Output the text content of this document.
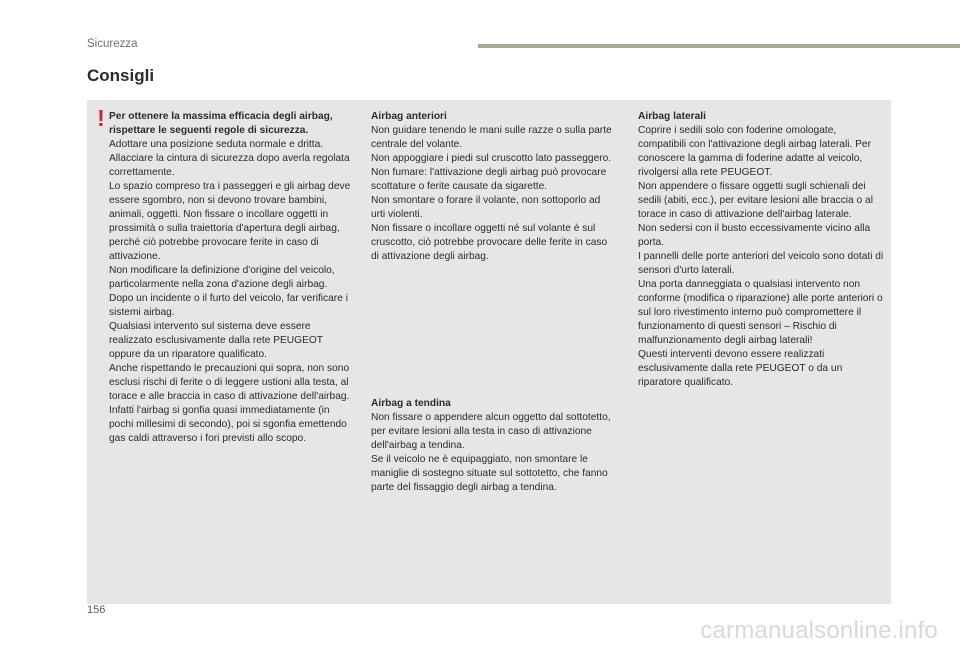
Sicurezza
Consigli
! Per ottenere la massima efficacia degli airbag, rispettare le seguenti regole di sicurezza.

Adottare una posizione seduta normale e dritta.
Allacciare la cintura di sicurezza dopo averla regolata correttamente.
Lo spazio compreso tra i passeggeri e gli airbag deve essere sgombro, non si devono trovare bambini, animali, oggetti. Non fissare o incollare oggetti in prossimità o sulla traiettoria d'apertura degli airbag, perché ciò potrebbe provocare ferite in caso di attivazione.
Non modificare la definizione d'origine del veicolo, particolarmente nella zona d'azione degli airbag.
Dopo un incidente o il furto del veicolo, far verificare i sistemi airbag.
Qualsiasi intervento sul sistema deve essere realizzato esclusivamente dalla rete PEUGEOT oppure da un riparatore qualificato.
Anche rispettando le precauzioni qui sopra, non sono esclusi rischi di ferite o di leggere ustioni alla testa, al torace e alle braccia in caso di attivazione dell'airbag. Infatti l'airbag si gonfia quasi immediatamente (in pochi millesimi di secondo), poi si sgonfia emettendo gas caldi attraverso i fori previsti allo scopo.

Airbag anteriori

Non guidare tenendo le mani sulle razze o sulla parte centrale del volante.
Non appoggiare i piedi sul cruscotto lato passeggero.
Non fumare: l'attivazione degli airbag può provocare scottature o ferite causate da sigarette.
Non smontare o forare il volante, non sottoporlo ad urti violenti.
Non fissare o incollare oggetti né sul volante è sul cruscotto, ciò potrebbe provocare delle ferite in caso di attivazione degli airbag.

Airbag a tendina

Non fissare o appendere alcun oggetto dal sottotetto, per evitare lesioni alla testa in caso di attivazione dell'airbag a tendina.
Se il veicolo ne è equipaggiato, non smontare le maniglie di sostegno situate sul sottotetto, che fanno parte del fissaggio degli airbag a tendina.

Airbag laterali

Coprire i sedili solo con foderine omologate, compatibili con l'attivazione degli airbag laterali. Per conoscere la gamma di foderine adatte al veicolo, rivolgersi alla rete PEUGEOT.
Non appendere o fissare oggetti sugli schienali dei sedili (abiti, ecc.), per evitare lesioni alle braccia o al torace in caso di attivazione dell'airbag laterale.
Non sedersi con il busto eccessivamente vicino alla porta.
I pannelli delle porte anteriori del veicolo sono dotati di sensori d'urto laterali.
Una porta danneggiata o qualsiasi intervento non conforme (modifica o riparazione) alle porte anteriori o sul loro rivestimento interno può compromettere il funzionamento di questi sensori – Rischio di malfunzionamento degli airbag laterali!
Questi interventi devono essere realizzati esclusivamente dalla rete PEUGEOT o da un riparatore qualificato.

156
carmanualsonline.info
